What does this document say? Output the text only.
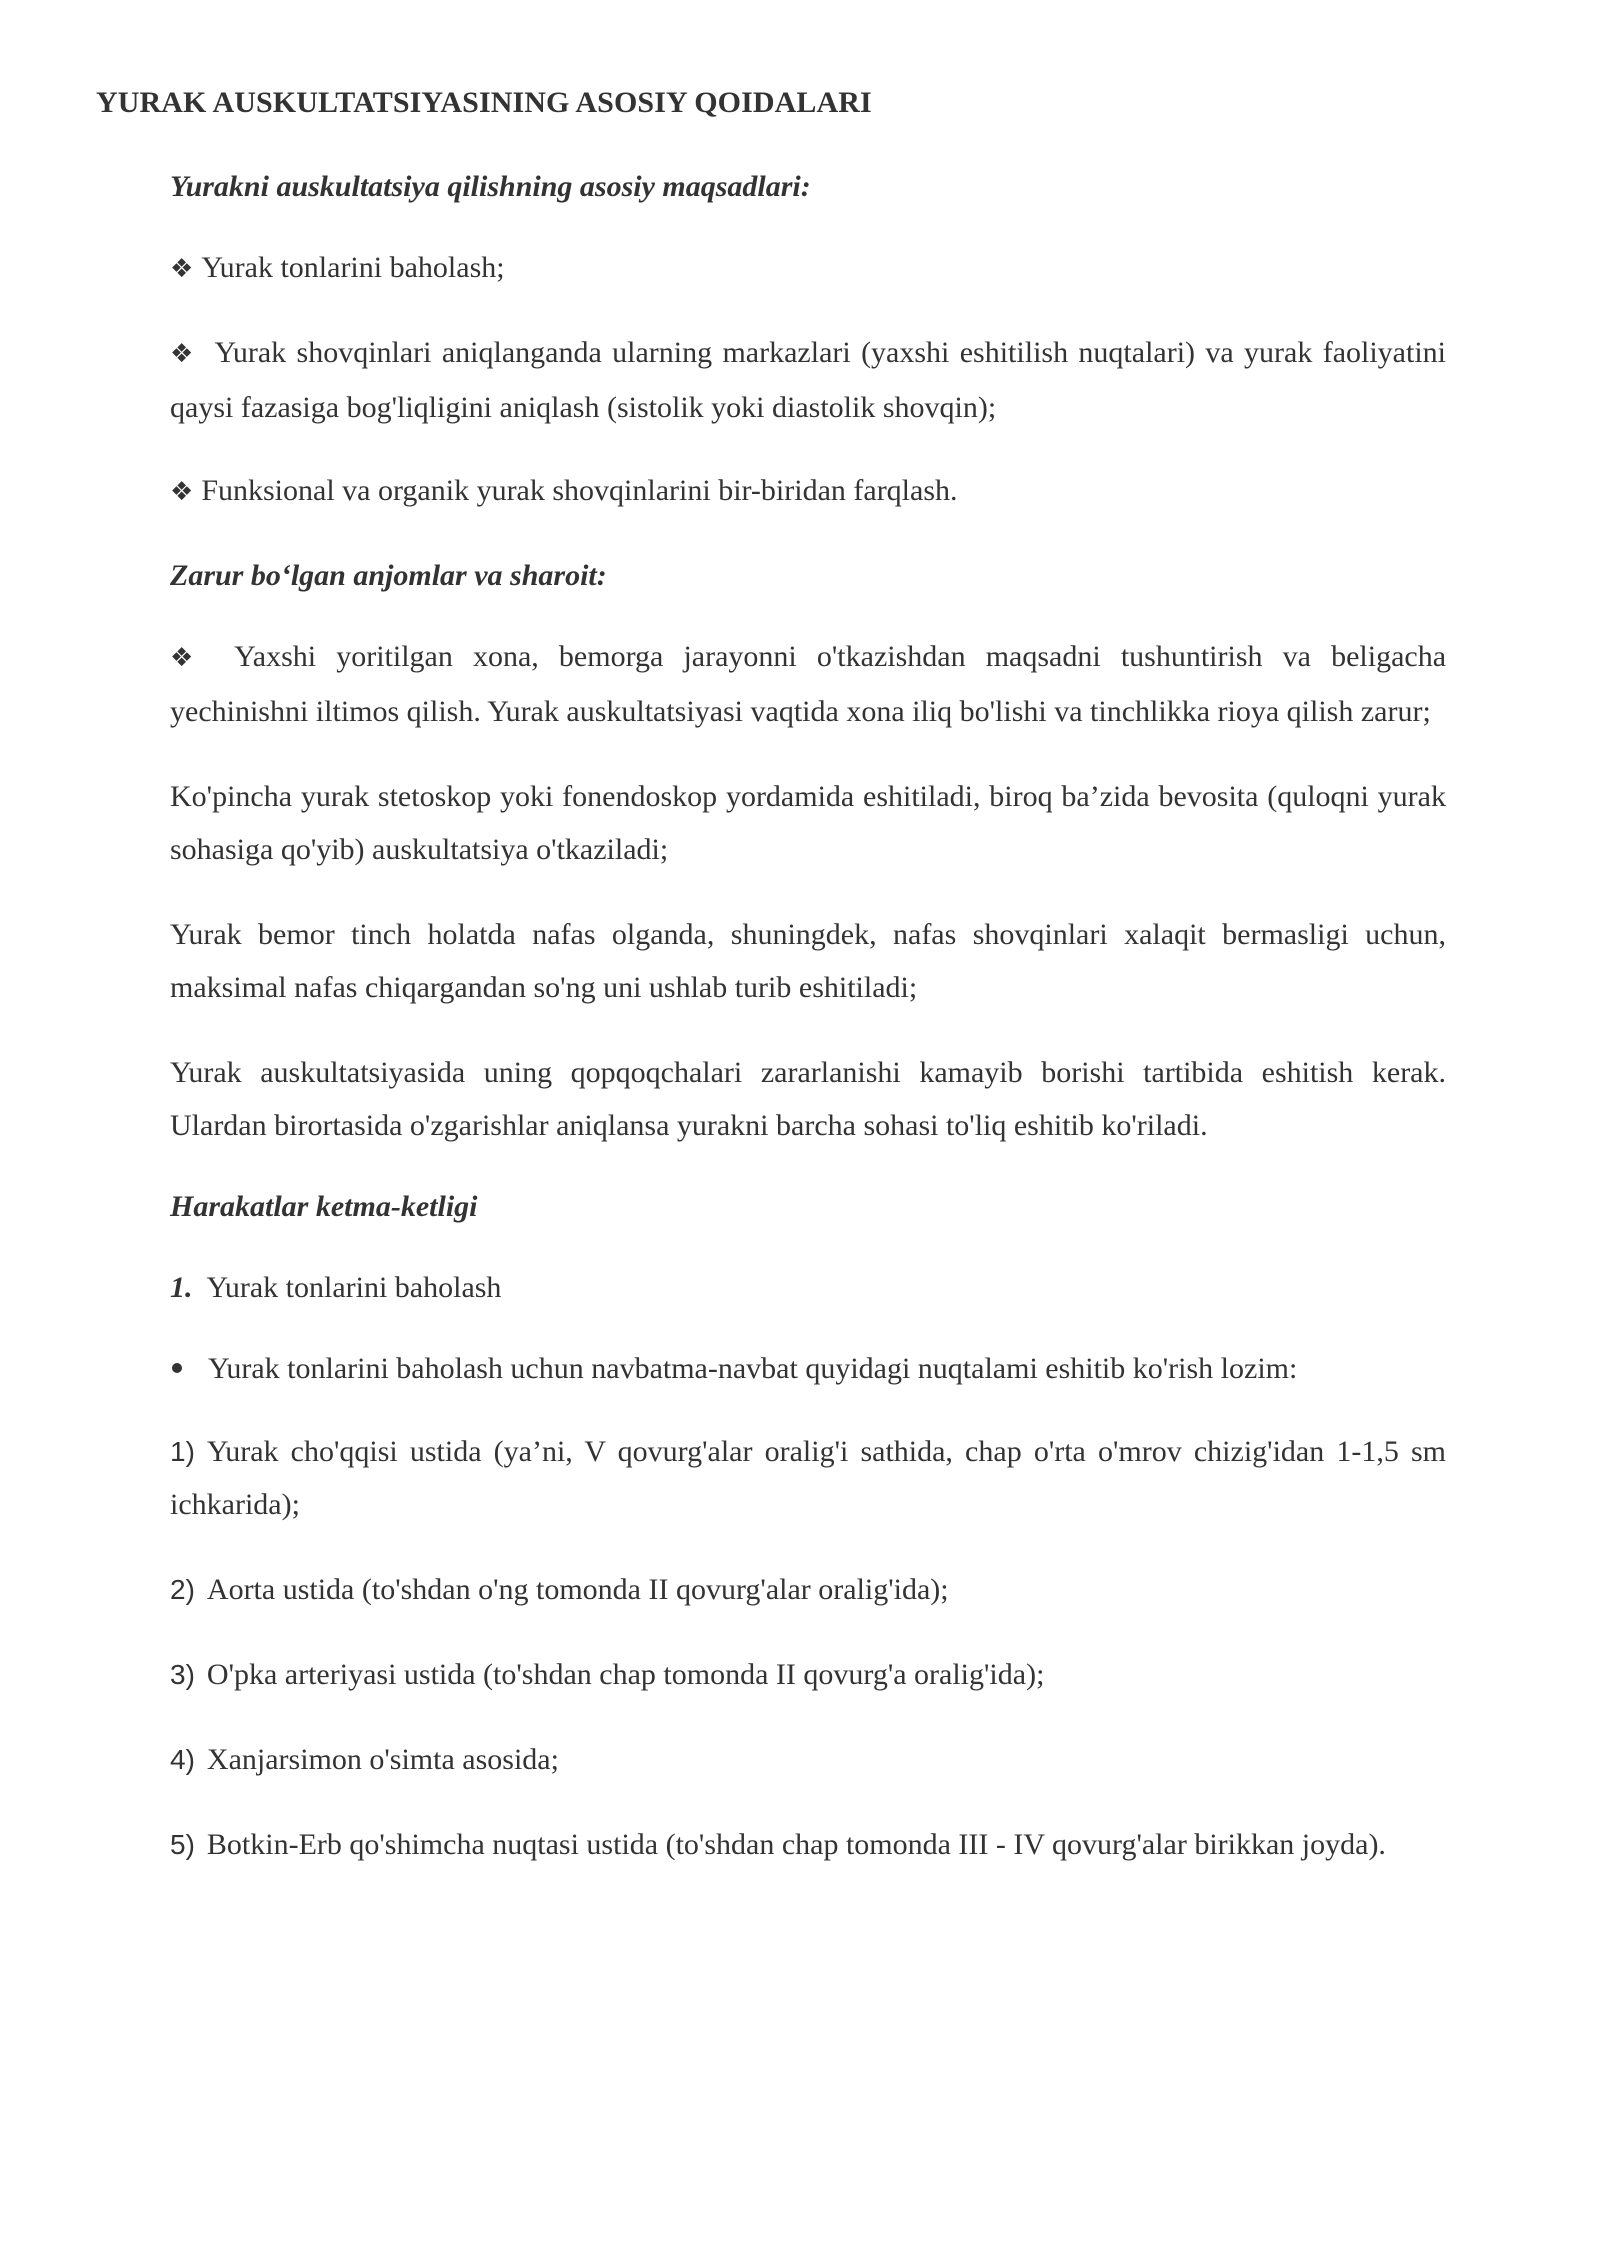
YURAK AUSKULTATSIYASINING ASOSIY QOIDALARI

Yurakni auskultatsiya qilishning asosiy maqsadlari:

❖ Yurak tonlarini baholash;

❖ Yurak shovqinlari aniqlanganda ularning markazlari (yaxshi eshitilish nuqtalari) va yurak faoliyatini qaysi fazasiga bog'liqligini aniqlash (sistolik yoki diastolik shovqin);

❖ Funksional va organik yurak shovqinlarini bir-biridan farqlash.

Zarur bo‘lgan anjomlar va sharoit:

❖ Yaxshi yoritilgan xona, bemorga jarayonni o'tkazishdan maqsadni tushuntirish va beligacha yechinishni iltimos qilish. Yurak auskultatsiyasi vaqtida xona iliq bo'lishi va tinchlikka rioya qilish zarur;

Ko'pincha yurak stetoskop yoki fonendoskop yordamida eshitiladi, biroq ba’zida bevosita (quloqni yurak sohasiga qo'yib) auskultatsiya o'tkaziladi;

Yurak bemor tinch holatda nafas olganda, shuningdek, nafas shovqinlari xalaqit bermasligi uchun, maksimal nafas chiqargandan so'ng uni ushlab turib eshitiladi;

Yurak auskultatsiyasida uning qopqoqchalari zararlanishi kamayib borishi tartibida eshitish kerak. Ulardan birortasida o'zgarishlar aniqlansa yurakni barcha sohasi to'liq eshitib ko'riladi.

Harakatlar ketma-ketligi

1. Yurak tonlarini baholash

Yurak tonlarini baholash uchun navbatma-navbat quyidagi nuqtalami eshitib ko'rish lozim:

1) Yurak cho'qqisi ustida (ya’ni, V qovurg'alar oralig'i sathida, chap o'rta o'mrov chizig'idan 1-1,5 sm ichkarida);

2) Aorta ustida (to'shdan o'ng tomonda II qovurg'alar oralig'ida);

3) O'pka arteriyasi ustida (to'shdan chap tomonda II qovurg'a oralig'ida);

4) Xanjarsimon o'simta asosida;

5) Botkin-Erb qo'shimcha nuqtasi ustida (to'shdan chap tomonda III - IV qovurg'alar birikkan joyda).
